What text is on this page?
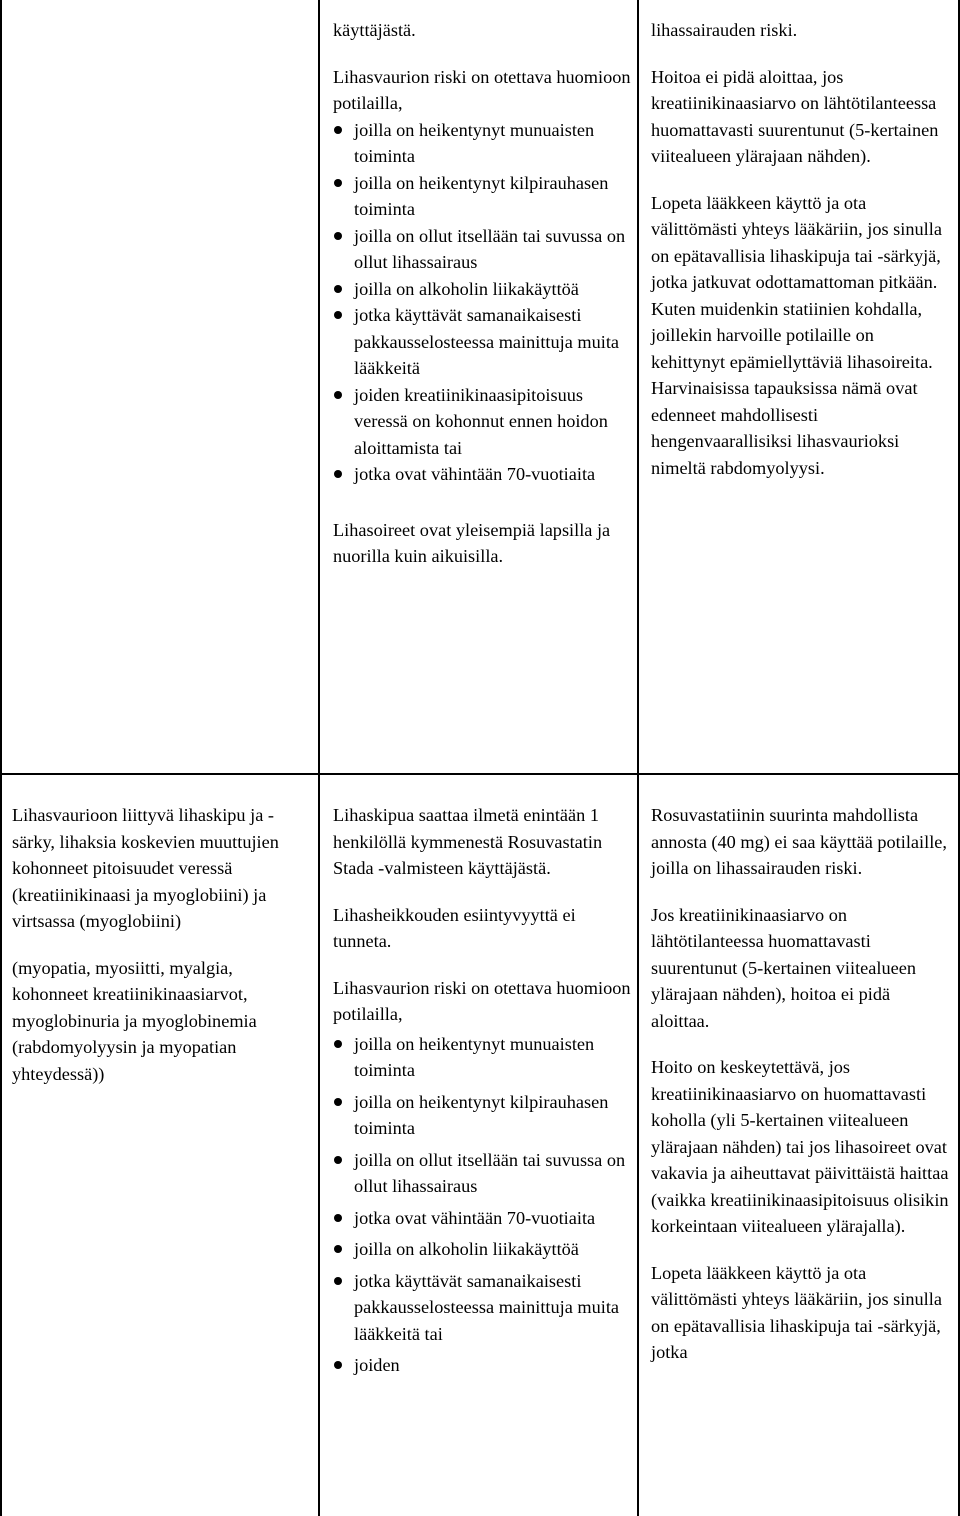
käyttäjästä.

Lihasvaurion riski on otettava huomioon potilailla,

joilla on heikentynyt munuaisten toiminta
joilla on heikentynyt kilpirauhasen toiminta
joilla on ollut itsellään tai suvussa on ollut lihassairaus
joilla on alkoholin liikakäyttöä
jotka käyttävät samanaikaisesti pakkausselosteessa mainittuja muita lääkkeitä
joiden kreatiinikinaasipitoisuus veressä on kohonnut ennen hoidon aloittamista tai
jotka ovat vähintään 70-vuotiaita

Lihasoireet ovat yleisempiä lapsilla ja nuorilla kuin aikuisilla.

lihassairauden riski.

Hoitoa ei pidä aloittaa, jos kreatiinikinaasiarvo on lähtötilanteessa huomattavasti suurentunut (5-kertainen viitealueen ylärajaan nähden).

Lopeta lääkkeen käyttö ja ota välittömästi yhteys lääkäriin, jos sinulla on epätavallisia lihaskipuja tai -särkyjä, jotka jatkuvat odottamattoman pitkään. Kuten muidenkin statiinien kohdalla, joillekin harvoille potilaille on kehittynyt epämiellyttäviä lihasoireita. Harvinaisissa tapauksissa nämä ovat edenneet mahdollisesti hengenvaarallisiksi lihasvaurioksi nimeltä rabdomyolyysi.

Lihasvaurioon liittyvä lihaskipu ja -särky, lihaksia koskevien muuttujien kohonneet pitoisuudet veressä (kreatiinikinaasi ja myoglobiini) ja virtsassa (myoglobiini)

(myopatia, myosiitti, myalgia, kohonneet kreatiinikinaasiarvot, myoglobinuria ja myoglobinemia (rabdomyolyysin ja myopatian yhteydessä))

Lihaskipua saattaa ilmetä enintään 1 henkilöllä kymmenestä Rosuvastatin Stada -valmisteen käyttäjästä.

Lihasheikkouden esiintyvyyttä ei tunneta.

Lihasvaurion riski on otettava huomioon potilailla,

joilla on heikentynyt munuaisten toiminta
joilla on heikentynyt kilpirauhasen toiminta
joilla on ollut itsellään tai suvussa on ollut lihassairaus
jotka ovat vähintään 70-vuotiaita
joilla on alkoholin liikakäyttöä
jotka käyttävät samanaikaisesti pakkausselosteessa mainittuja muita lääkkeitä tai
joiden

Rosuvastatiinin suurinta mahdollista annosta (40 mg) ei saa käyttää potilaille, joilla on lihassairauden riski.

Jos kreatiinikinaasiarvo on lähtötilanteessa huomattavasti suurentunut (5-kertainen viitealueen ylärajaan nähden), hoitoa ei pidä aloittaa.

Hoito on keskeytettävä, jos kreatiinikinaasiarvo on huomattavasti koholla (yli 5-kertainen viitealueen ylärajaan nähden) tai jos lihasoireet ovat vakavia ja aiheuttavat päivittäistä haittaa (vaikka kreatiinikinaasipitoisuus olisikin korkeintaan viitealueen ylärajalla).

Lopeta lääkkeen käyttö ja ota välittömästi yhteys lääkäriin, jos sinulla on epätavallisia lihaskipuja tai -särkyjä, jotka
